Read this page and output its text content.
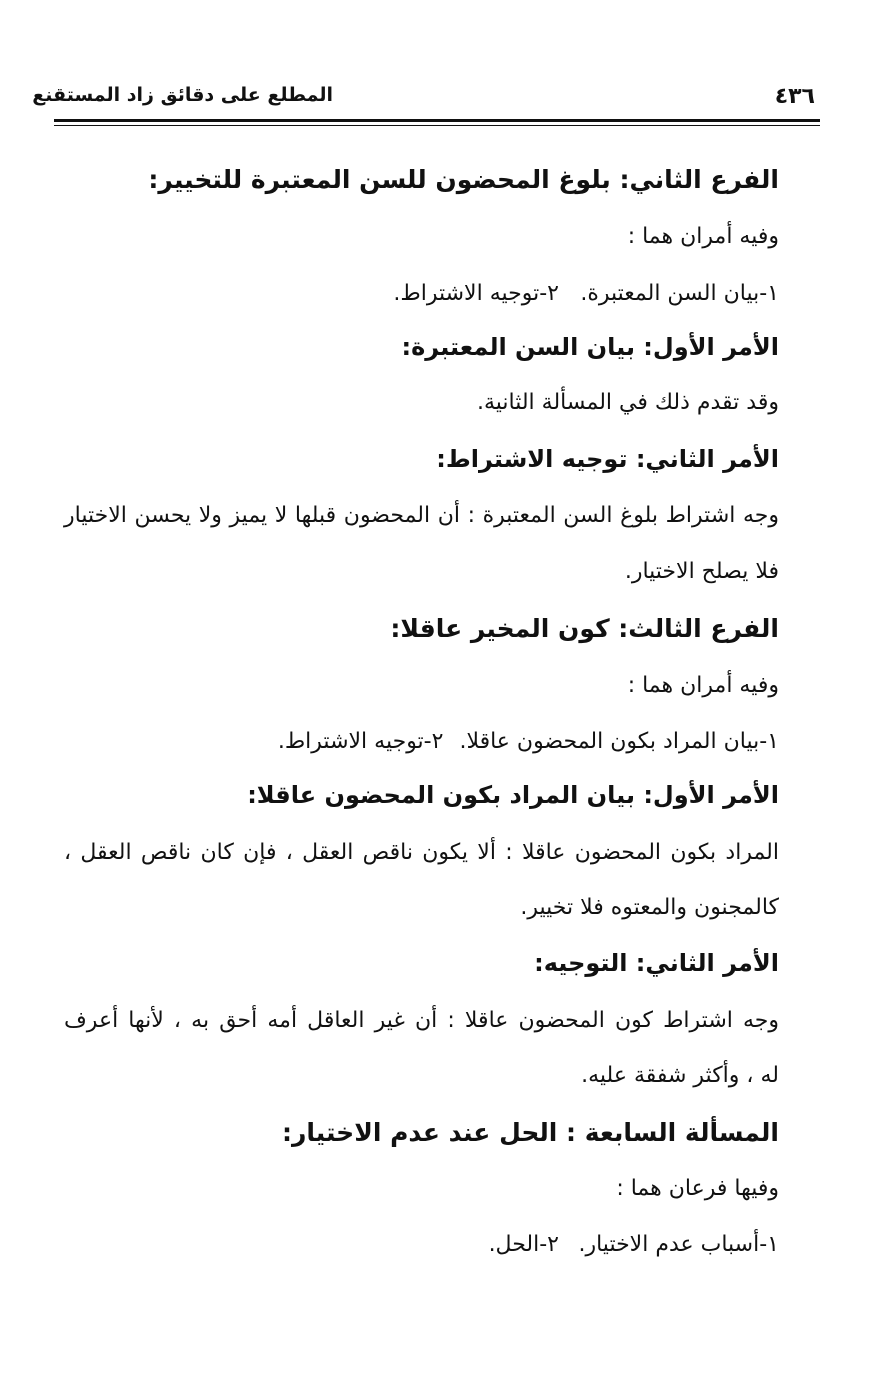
المطلع على دقائق زاد المستقنع	٤٣٦
الفرع الثاني: بلوغ المحضون للسن المعتبرة للتخيير:
وفيه أمران هما :
١-بيان السن المعتبرة.
٢-توجيه الاشتراط.
الأمر الأول: بيان السن المعتبرة:
وقد تقدم ذلك في المسألة الثانية.
الأمر الثاني: توجيه الاشتراط:
وجه اشتراط بلوغ السن المعتبرة : أن المحضون قبلها لا يميز ولا يحسن الاختيار
فلا يصلح الاختيار.
الفرع الثالث: كون المخير عاقلا:
وفيه أمران هما :
١-بيان المراد بكون المحضون عاقلا.
٢-توجيه الاشتراط.
الأمر الأول: بيان المراد بكون المحضون عاقلا:
المراد بكون المحضون عاقلا : ألا يكون ناقص العقل ، فإن كان ناقص العقل ،
كالمجنون والمعتوه فلا تخيير.
الأمر الثاني: التوجيه:
وجه اشتراط كون المحضون عاقلا : أن غير العاقل أمه أحق به ، لأنها أعرف
له ، وأكثر شفقة عليه.
المسألة السابعة : الحل عند عدم الاختيار:
وفيها فرعان هما :
١-أسباب عدم الاختيار.
٢-الحل.
